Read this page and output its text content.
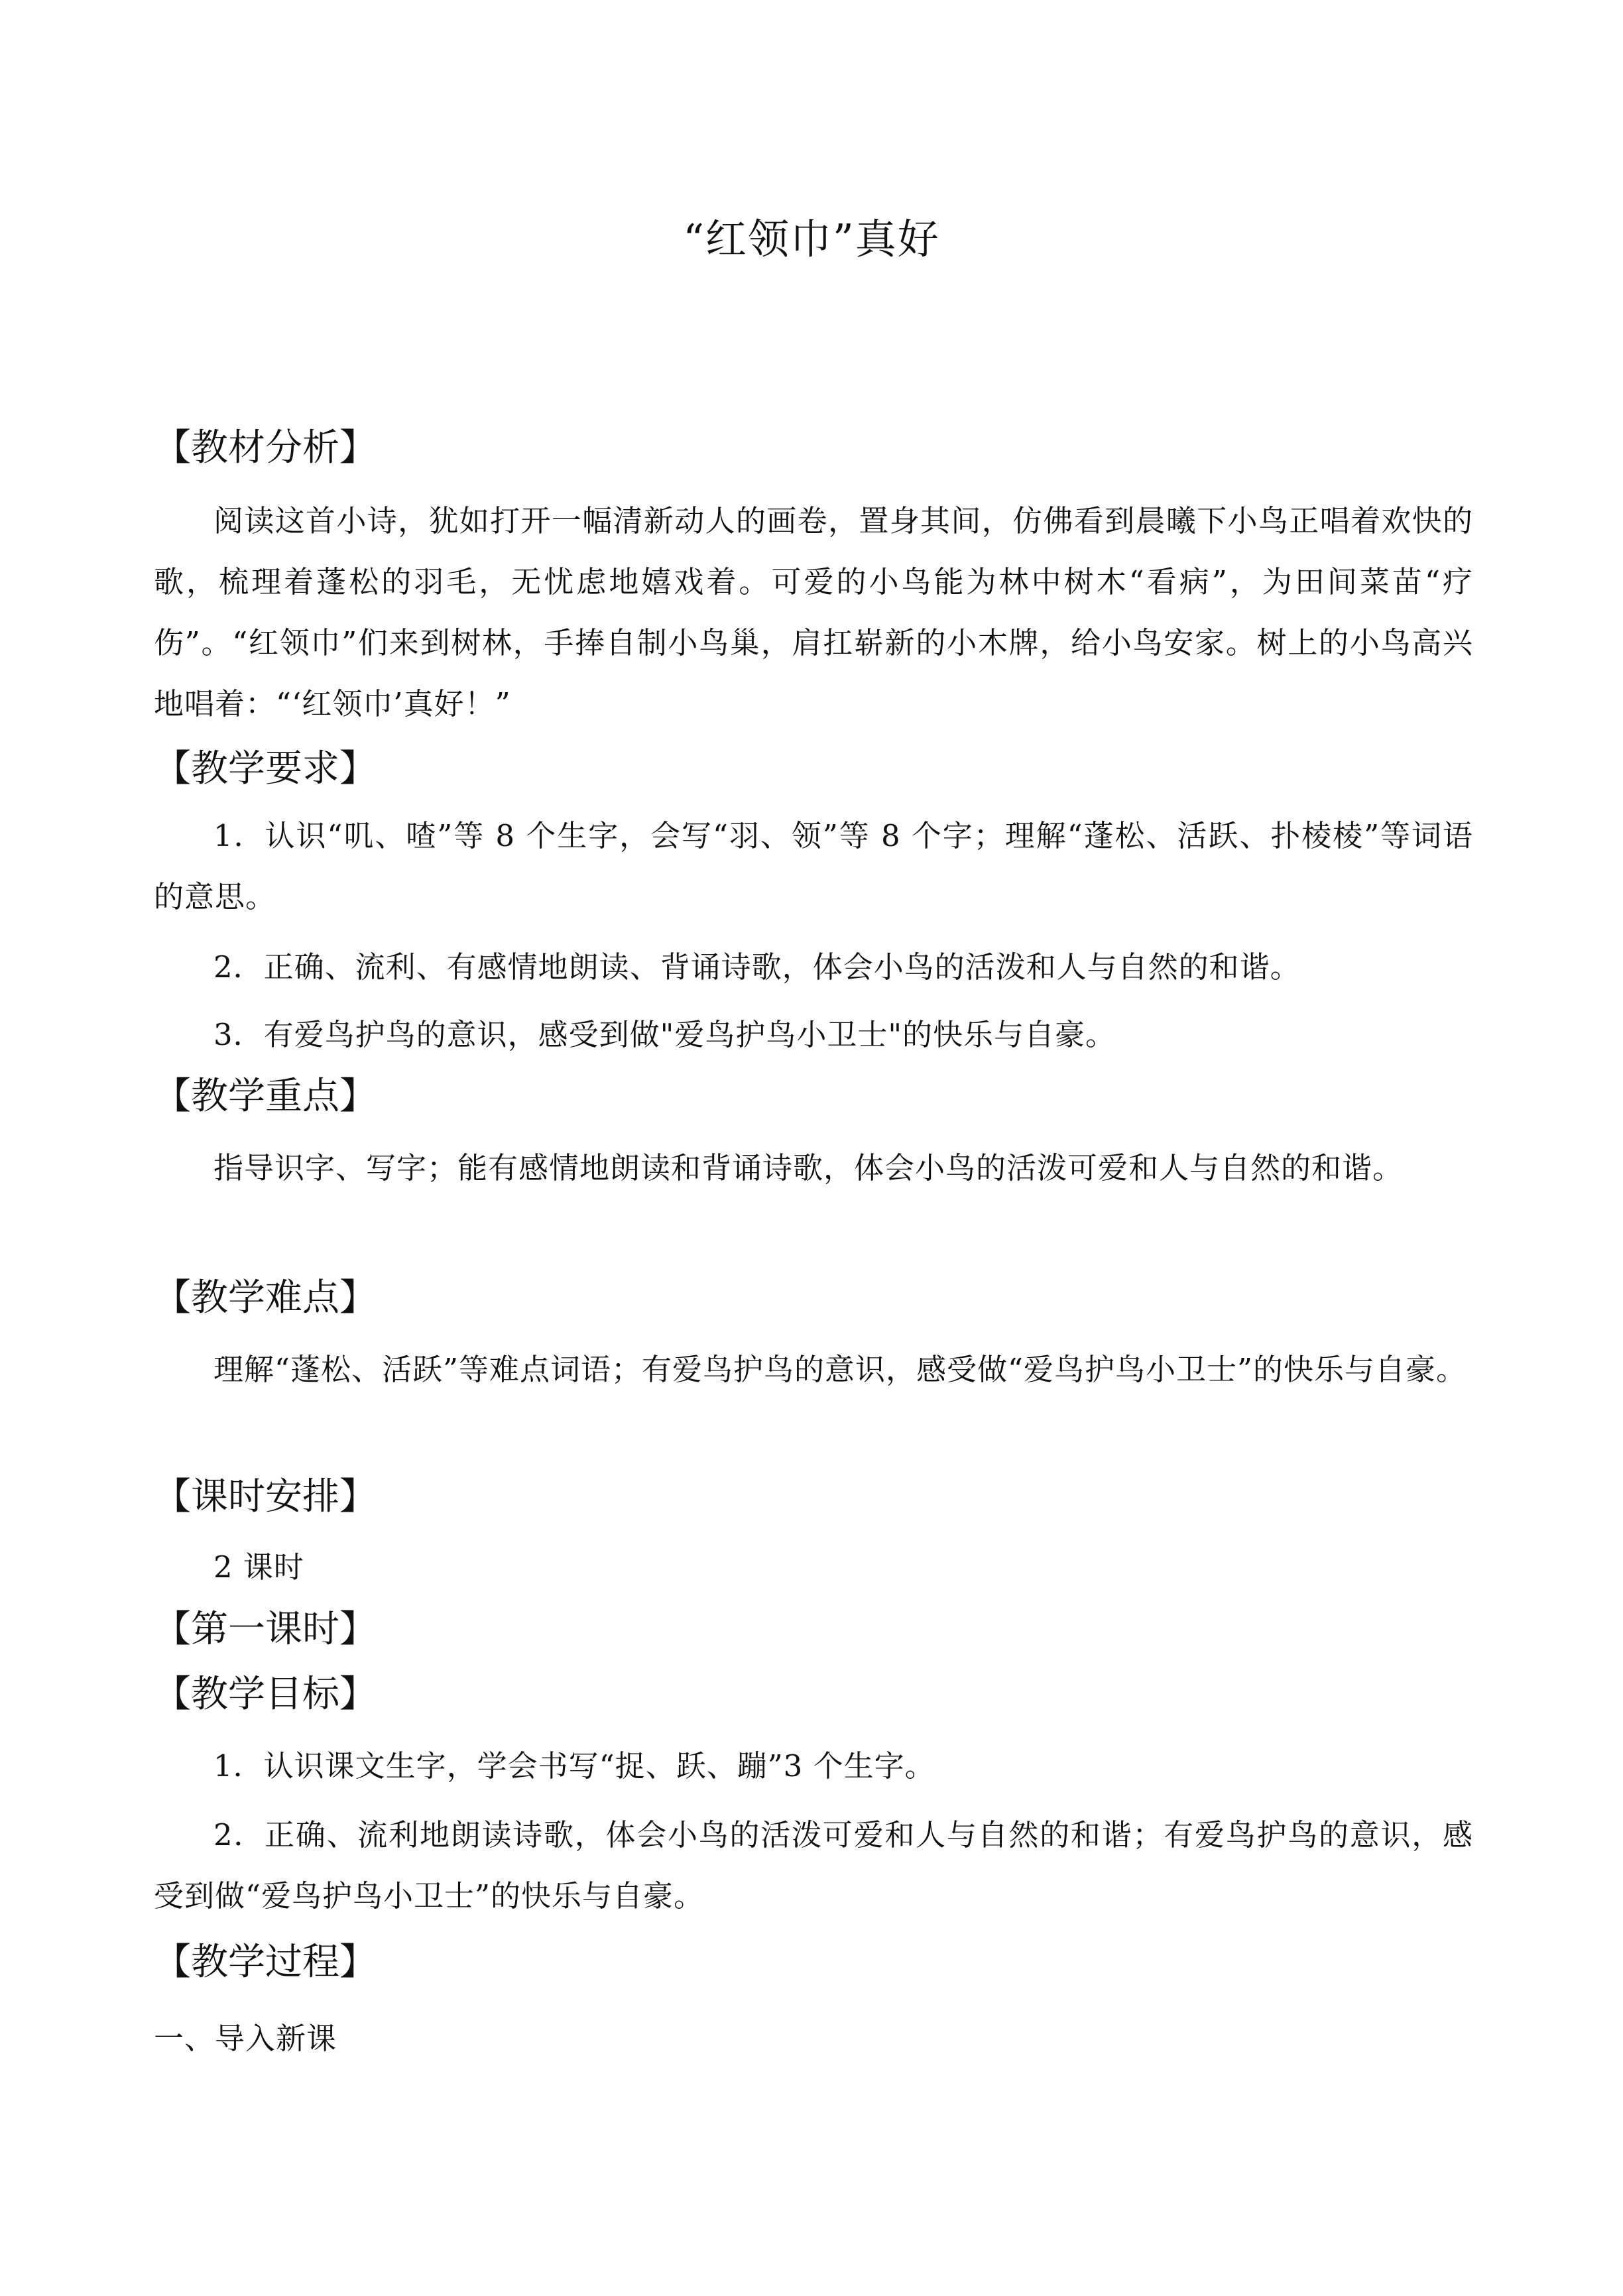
“红领巾”真好
【教材分析】
阅读这首小诗，犹如打开一幅清新动人的画卷，置身其间，仿佛看到晨曦下小鸟正唱着欢快的歌，梳理着蓬松的羽毛，无忧虑地嬉戏着。可爱的小鸟能为林中树木“看病”，为田间菜苗“疗伤”。“红领巾”们来到树林，手捧自制小鸟巢，肩扛崭新的小木牌，给小鸟安家。树上的小鸟高兴地唱着：“‘红领巾’真好！”
【教学要求】
1．认识“叽、喳”等 8 个生字，会写“羽、领”等 8 个字；理解“蓬松、活跃、扑棱棱”等词语的意思。
2．正确、流利、有感情地朗读、背诵诗歌，体会小鸟的活泼和人与自然的和谐。
3．有爱鸟护鸟的意识，感受到做"爱鸟护鸟小卫士"的快乐与自豪。
【教学重点】
指导识字、写字；能有感情地朗读和背诵诗歌，体会小鸟的活泼可爱和人与自然的和谐。
【教学难点】
理解“蓬松、活跃”等难点词语；有爱鸟护鸟的意识，感受做“爱鸟护鸟小卫士”的快乐与自豪。
【课时安排】
2 课时
【第一课时】
【教学目标】
1．认识课文生字，学会书写“捉、跃、蹦”3 个生字。
2．正确、流利地朗读诗歌，体会小鸟的活泼可爱和人与自然的和谐；有爱鸟护鸟的意识，感受到做“爱鸟护鸟小卫士”的快乐与自豪。
【教学过程】
一、导入新课
